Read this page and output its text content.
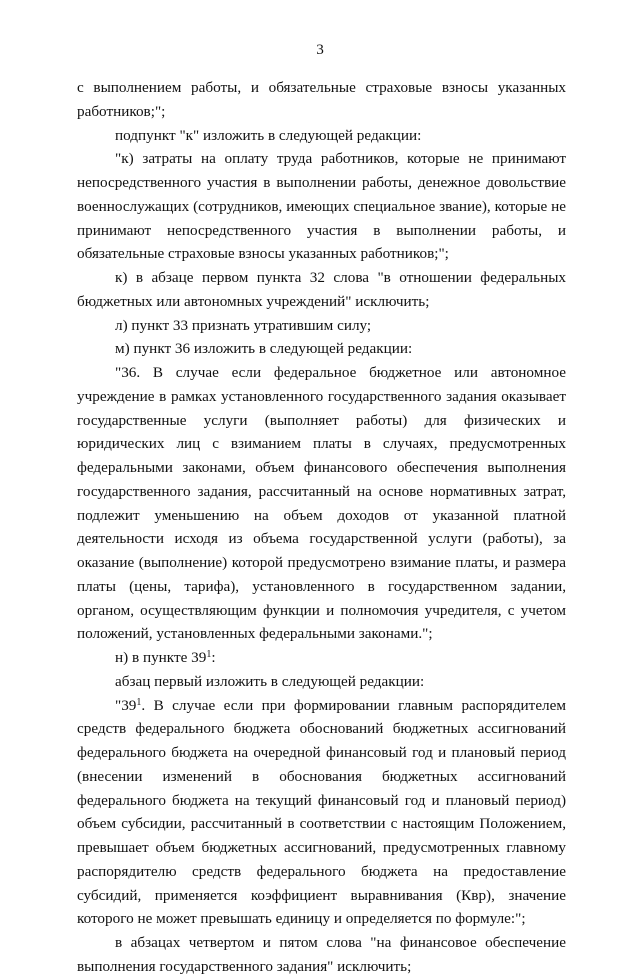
3

с выполнением работы, и обязательные страховые взносы указанных работников;";

подпункт "к" изложить в следующей редакции:

"к) затраты на оплату труда работников, которые не принимают непосредственного участия в выполнении работы, денежное довольствие военнослужащих (сотрудников, имеющих специальное звание), которые не принимают непосредственного участия в выполнении работы, и обязательные страховые взносы указанных работников;";

к) в абзаце первом пункта 32 слова "в отношении федеральных бюджетных или автономных учреждений" исключить;

л) пункт 33 признать утратившим силу;

м) пункт 36 изложить в следующей редакции:

"36. В случае если федеральное бюджетное или автономное учреждение в рамках установленного государственного задания оказывает государственные услуги (выполняет работы) для физических и юридических лиц с взиманием платы в случаях, предусмотренных федеральными законами, объем финансового обеспечения выполнения государственного задания, рассчитанный на основе нормативных затрат, подлежит уменьшению на объем доходов от указанной платной деятельности исходя из объема государственной услуги (работы), за оказание (выполнение) которой предусмотрено взимание платы, и размера платы (цены, тарифа), установленного в государственном задании, органом, осуществляющим функции и полномочия учредителя, с учетом положений, установленных федеральными законами.";

н) в пункте $39^1$:

абзац первый изложить в следующей редакции:

"$39^1$. В случае если при формировании главным распорядителем средств федерального бюджета обоснований бюджетных ассигнований федерального бюджета на очередной финансовый год и плановый период (внесении изменений в обоснования бюджетных ассигнований федерального бюджета на текущий финансовый год и плановый период) объем субсидии, рассчитанный в соответствии с настоящим Положением, превышает объем бюджетных ассигнований, предусмотренных главному распорядителю средств федерального бюджета на предоставление субсидий, применяется коэффициент выравнивания (Квр), значение которого не может превышать единицу и определяется по формуле:";

в абзацах четвертом и пятом слова "на финансовое обеспечение выполнения государственного задания" исключить;
